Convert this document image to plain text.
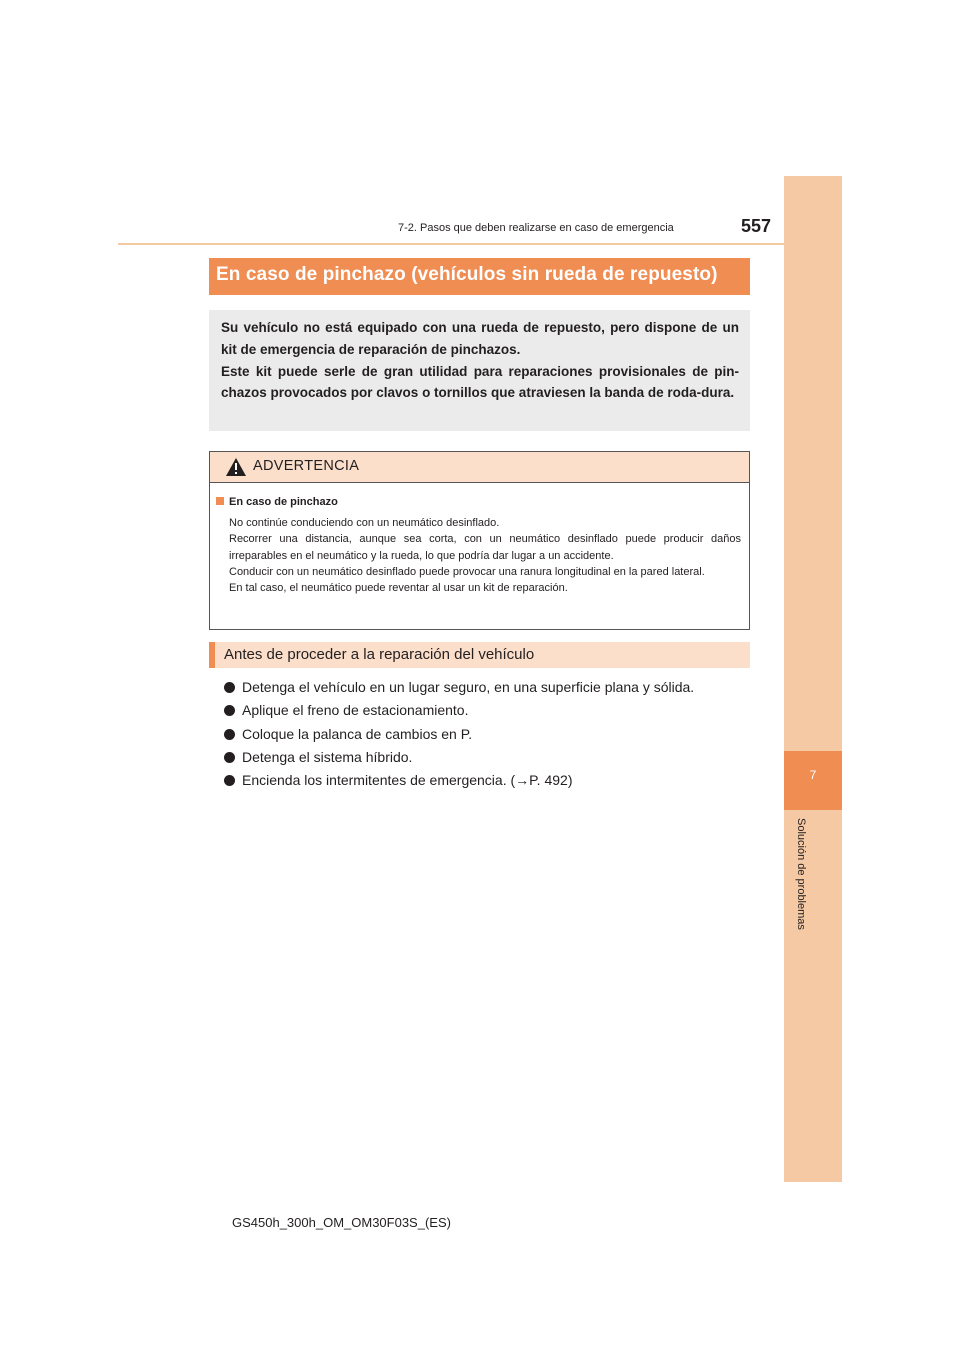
7
Solución de problemas
7-2. Pasos que deben realizarse en caso de emergencia	557
En caso de pinchazo (vehículos sin rueda de repuesto)

Su vehículo no está equipado con una rueda de repuesto, pero dispone de un kit de emergencia de reparación de pinchazos.

Este kit puede serle de gran utilidad para reparaciones provisionales de pin-chazos provocados por clavos o tornillos que atraviesen la banda de roda-dura.

ADVERTENCIA
En caso de pinchazo

No continúe conduciendo con un neumático desinflado.

Recorrer una distancia, aunque sea corta, con un neumático desinflado puede producir daños irreparables en el neumático y la rueda, lo que podría dar lugar a un accidente.

Conducir con un neumático desinflado puede provocar una ranura longitudinal en la pared lateral.

En tal caso, el neumático puede reventar al usar un kit de reparación.

Antes de proceder a la reparación del vehículo
Detenga el vehículo en un lugar seguro, en una superficie plana y sólida.
Aplique el freno de estacionamiento.
Coloque la palanca de cambios en P.
Detenga el sistema híbrido.
Encienda los intermitentes de emergencia. (→P. 492)
GS450h_300h_OM_OM30F03S_(ES)
